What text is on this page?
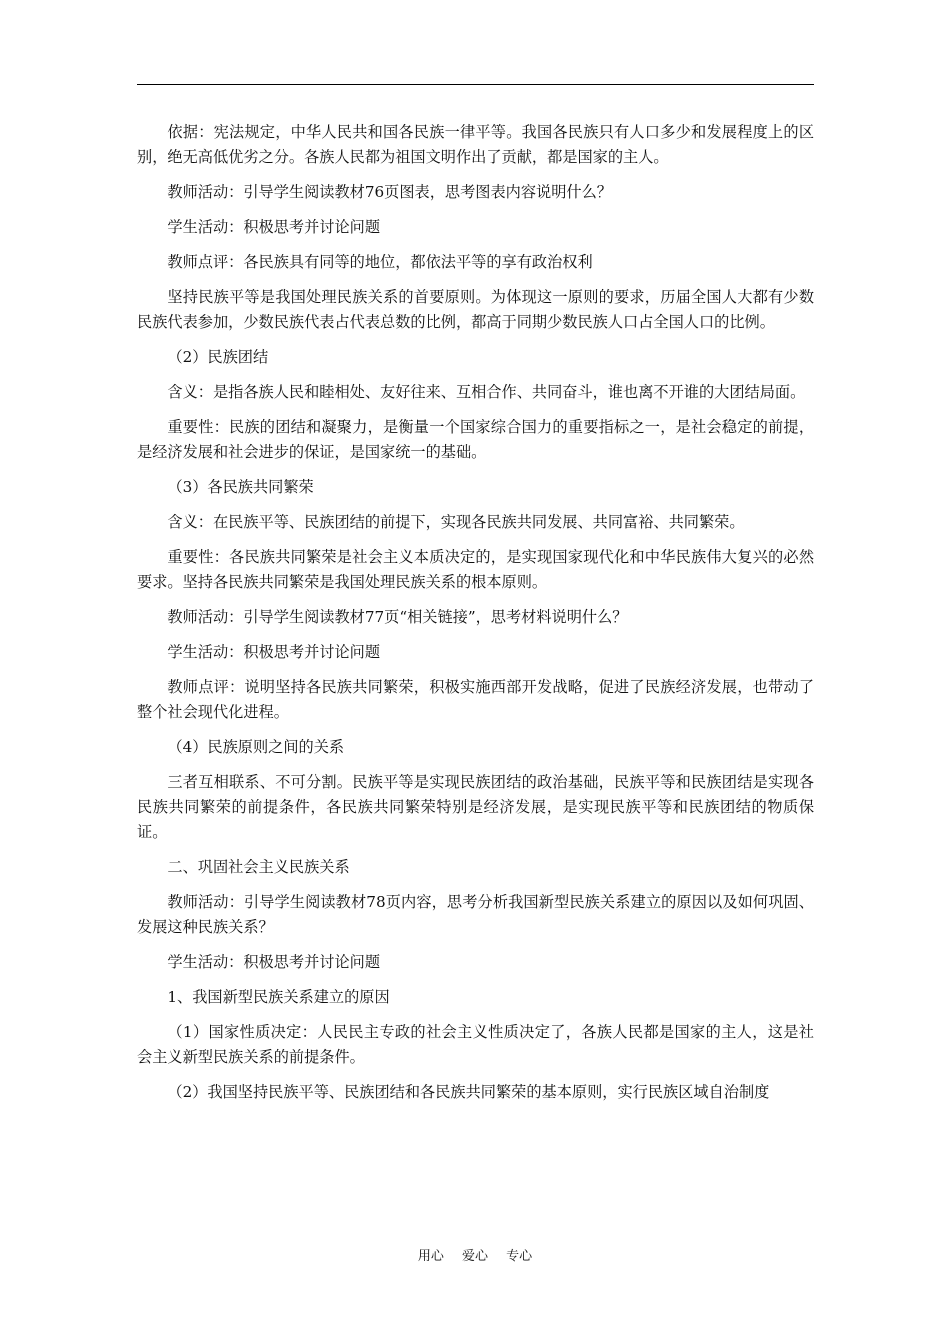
依据：宪法规定，中华人民共和国各民族一律平等。我国各民族只有人口多少和发展程度上的区别，绝无高低优劣之分。各族人民都为祖国文明作出了贡献，都是国家的主人。

教师活动：引导学生阅读教材76页图表，思考图表内容说明什么？

学生活动：积极思考并讨论问题

教师点评：各民族具有同等的地位，都依法平等的享有政治权利

坚持民族平等是我国处理民族关系的首要原则。为体现这一原则的要求，历届全国人大都有少数民族代表参加，少数民族代表占代表总数的比例，都高于同期少数民族人口占全国人口的比例。

（2）民族团结

含义：是指各族人民和睦相处、友好往来、互相合作、共同奋斗，谁也离不开谁的大团结局面。

重要性：民族的团结和凝聚力，是衡量一个国家综合国力的重要指标之一，是社会稳定的前提，是经济发展和社会进步的保证，是国家统一的基础。

（3）各民族共同繁荣

含义：在民族平等、民族团结的前提下，实现各民族共同发展、共同富裕、共同繁荣。

重要性：各民族共同繁荣是社会主义本质决定的，是实现国家现代化和中华民族伟大复兴的必然要求。坚持各民族共同繁荣是我国处理民族关系的根本原则。

教师活动：引导学生阅读教材77页“相关链接”，思考材料说明什么？

学生活动：积极思考并讨论问题

教师点评：说明坚持各民族共同繁荣，积极实施西部开发战略，促进了民族经济发展，也带动了整个社会现代化进程。

（4）民族原则之间的关系

三者互相联系、不可分割。民族平等是实现民族团结的政治基础，民族平等和民族团结是实现各民族共同繁荣的前提条件，各民族共同繁荣特别是经济发展，是实现民族平等和民族团结的物质保证。

二、巩固社会主义民族关系

教师活动：引导学生阅读教材78页内容，思考分析我国新型民族关系建立的原因以及如何巩固、发展这种民族关系？

学生活动：积极思考并讨论问题

1、我国新型民族关系建立的原因

（1）国家性质决定：人民民主专政的社会主义性质决定了，各族人民都是国家的主人，这是社会主义新型民族关系的前提条件。

（2）我国坚持民族平等、民族团结和各民族共同繁荣的基本原则，实行民族区域自治制度

用心 爱心 专心
